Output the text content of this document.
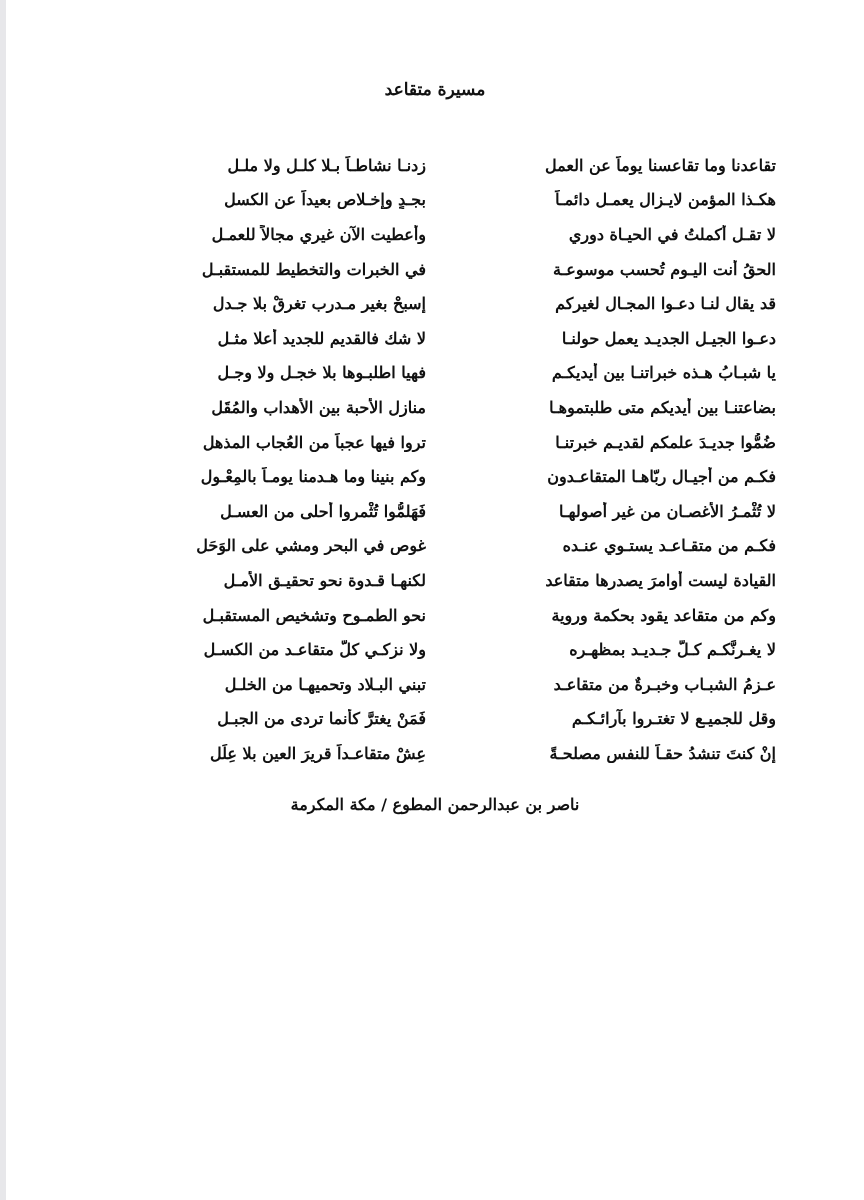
مسيرة متقاعد
تقاعدنا وما تقاعسنا يوماً عن العمل
زدنـا نشاطـاً بـلا كلـل ولا ملـل
هكـذا المؤمن لايـزال يعمـل دائمـاً
بجـدٍ وإخـلاص بعيداً عن الكسل
لا تقـل أكملتُ في الحيـاة دوري
وأعطيت الآن غيري مجالاً للعمـل
الحقُ أنت اليـوم تُحسب موسوعـة
في الخبرات والتخطيط للمستقبـل
قد يقال لنـا دعـوا المجـال لغيركم
إسبحْ بغير مـدرب تغرقْ بلا جـدل
دعـوا الجيـل الجديـد يعمل حولنـا
لا شك فالقديم للجديد أعلا مثـل
يا شبـابُ هـذه خبراتنـا بين أيديكـم
فهيا اطلبـوها بلا خجـل ولا وجـل
بضاعتنـا بين أيديكم متى طلبتموهـا
منازل الأحبة بين الأهداب والمُقَل
ضُمُّوا جديـدَ علمكم لقديـم خبرتنـا
تروا فيها عجباً من العُجاب المذهل
فكـم من أجيـال ربّاهـا المتقاعـدون
وكم بنينا وما هـدمنا يومـاً بالمِعْـول
لا تُثْمـرُ الأغصـان من غير أُصولهـا
فَهَلمُّوا تُثْمروا أحلى من العسـل
فكـم من متقـاعـد يستـوي عنـده
غوص في البحر ومشي على الوَحَل
القيادة ليست أوامرَ يصدرها متقاعد
لكنهـا قـدوة نحو تحقيـق الأمـل
وكم من متقاعد يقود بحكمة وروية
نحو الطمـوح وتشخيص المستقبـل
لا يغـرنَّكـم كـلُّ جـديـد بمظهـره
ولا نزكـي كلَّ متقاعـد من الكسـل
عـزمُ الشبـاب وخبـرةٌ من متقاعـد
تبني البـلاد وتحميهـا من الخلـل
وقل للجميـع لا تغتـروا بآرائـكـم
فَمَنْ يغترَّ كأنما تردى من الجبـل
إنْ كنتَ تنشدُ حقـاً للنفس مصلحـةً
عِشْ متقاعـداً قريرَ العين بلا عِلَل
ناصر بن عبدالرحمن المطوع / مكة المكرمة
